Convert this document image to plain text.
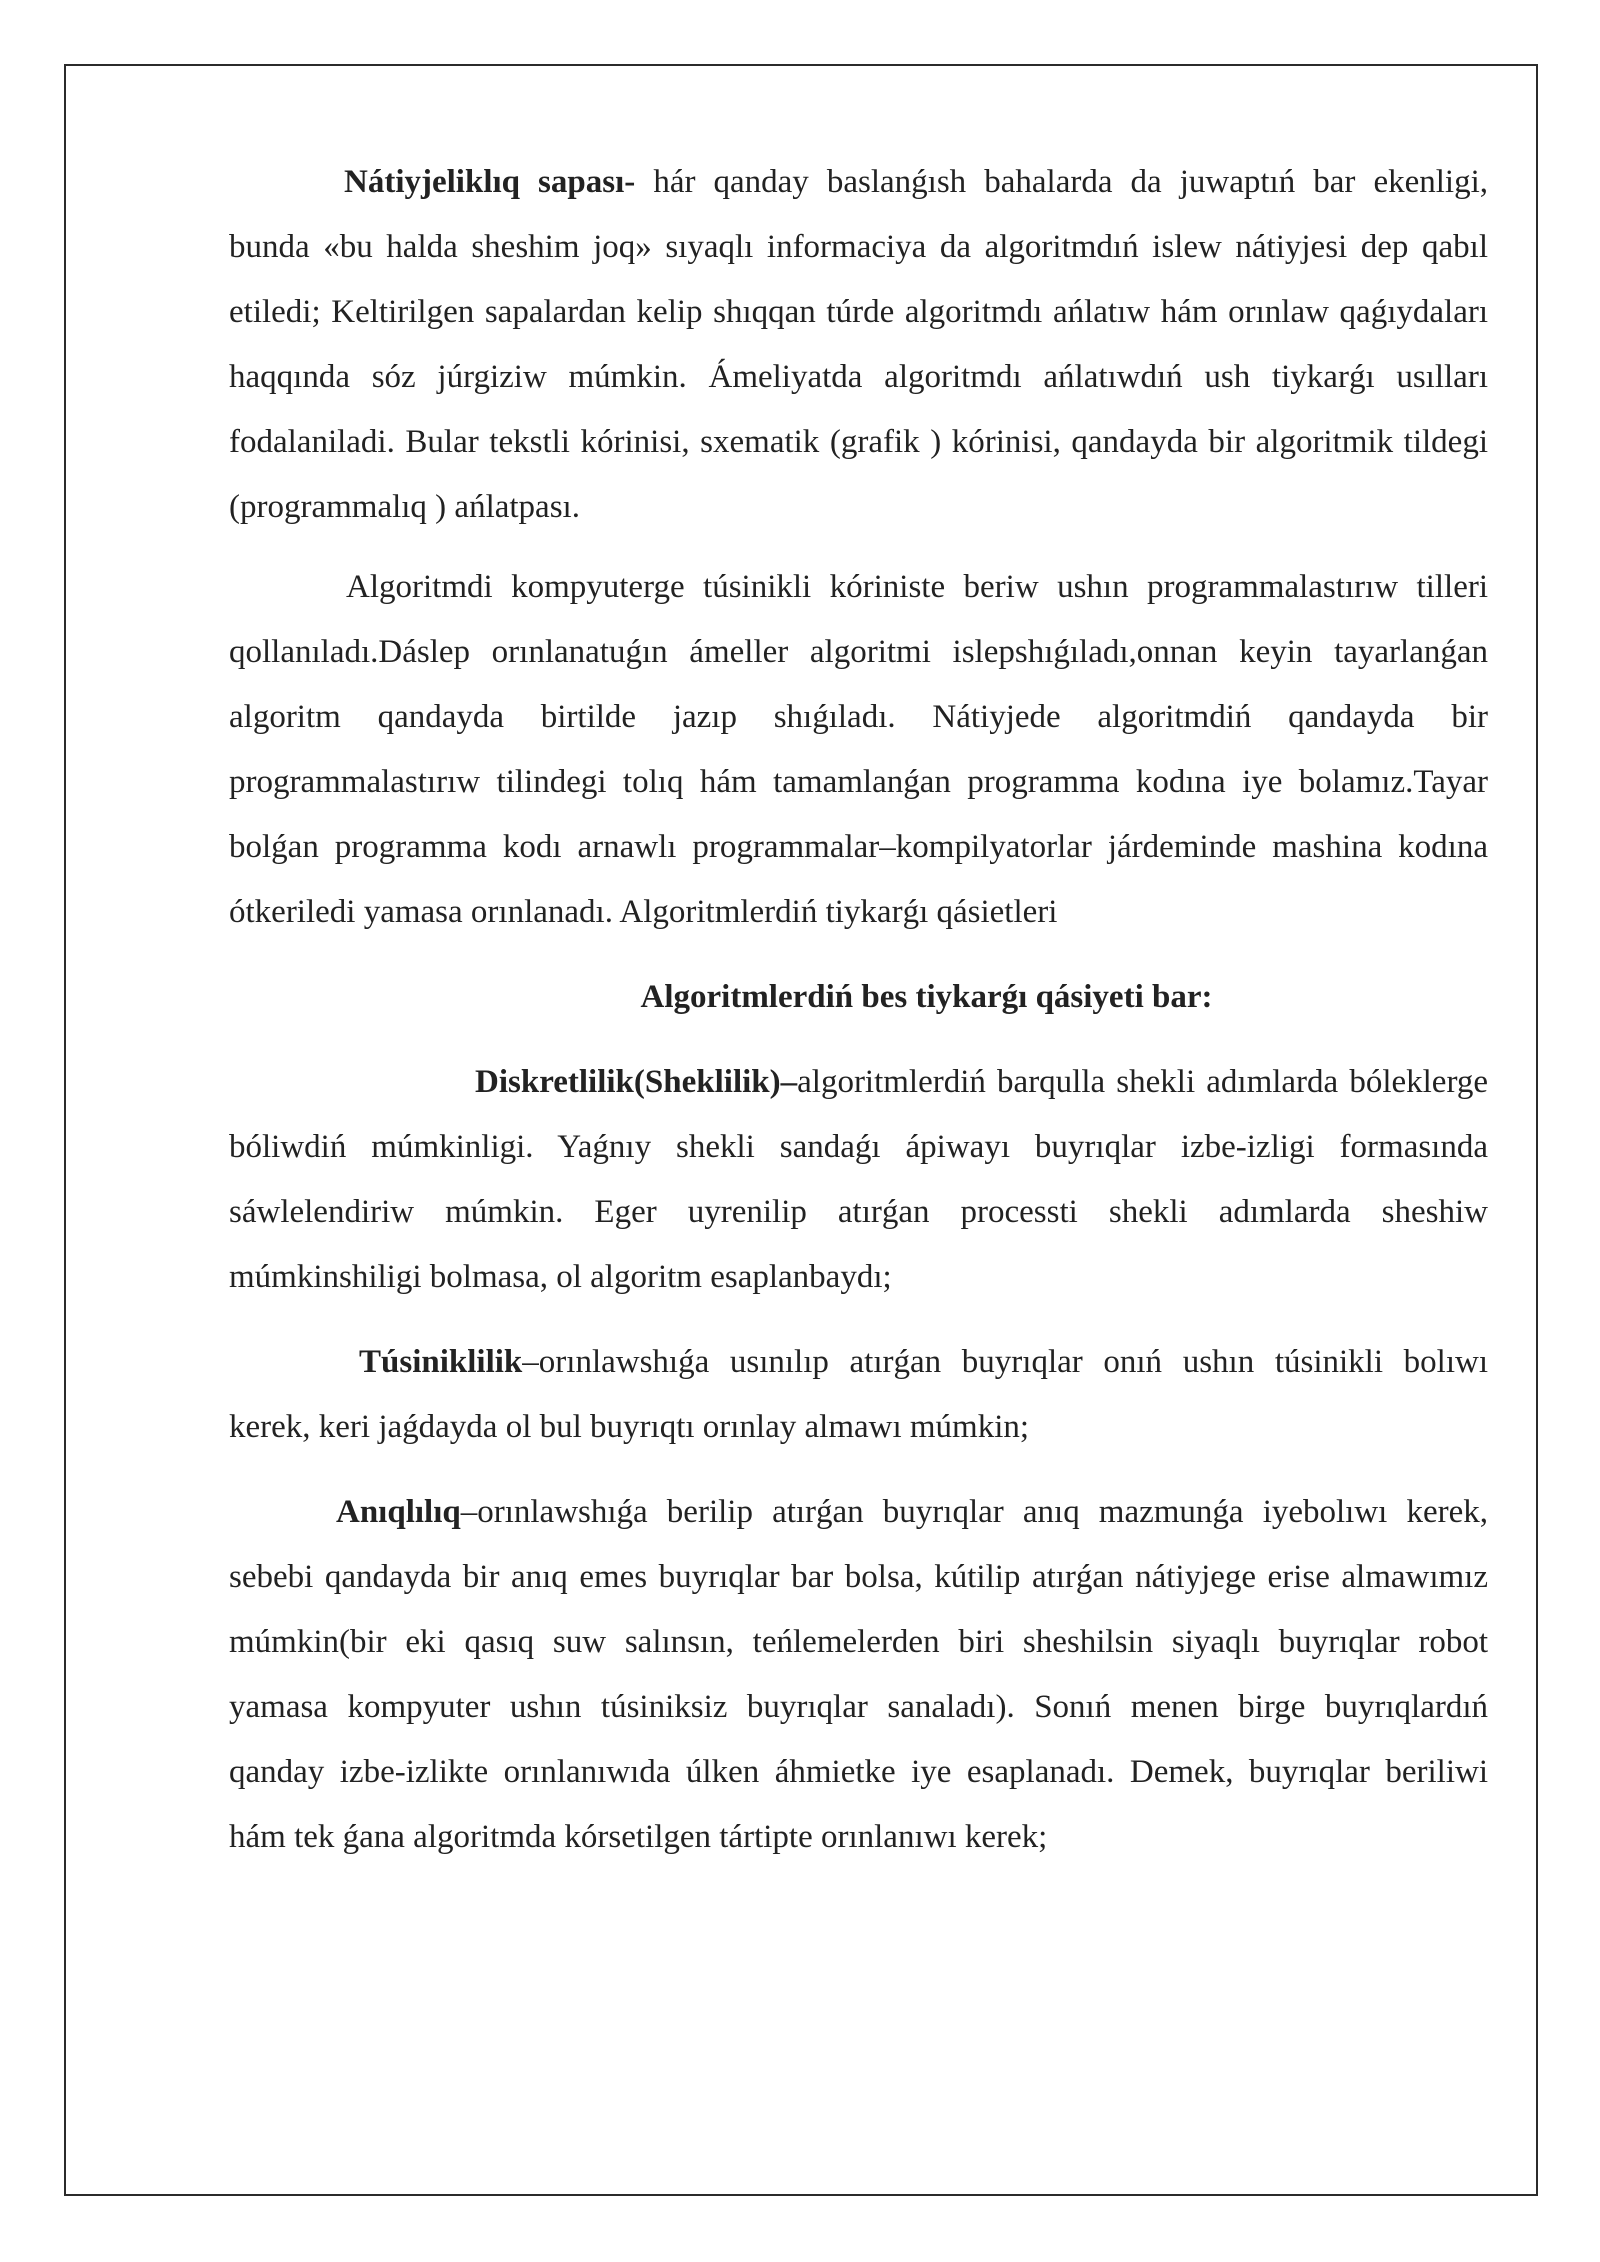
Nátiyjeliklıq sapası- hár qanday baslanǵısh bahalarda da juwaptıń bar ekenligi, bunda «bu halda sheshim joq» sıyaqlı informaciya da algoritmdıń islew nátiyjesi dep qabıl etiledi; Keltirilgen sapalardan kelip shıqqan túrde algoritmdı ańlatıw hám orınlaw qaǵıydaları haqqında sóz júrgiziw múmkin. Ámeliyatda algoritmdı ańlatıwdıń ush tiykarǵı usılları fodalaniladi. Bular tekstli kórinisi, sxematik (grafik ) kórinisi, qandayda bir algoritmik tildegi (programmalıq ) ańlatpası.

Algoritmdi kompyuterge túsinikli kóriniste beriw ushın programmalastırıw tilleri qollanıladı.Dáslep orınlanatuǵın ámeller algoritmi islepshıǵıladı,onnan keyin tayarlanǵan algoritm qandayda birtilde jazıp shıǵıladı. Nátiyjede algoritmdiń qandayda bir programmalastırıw tilindegi tolıq hám tamamlanǵan programma kodına iye bolamız.Tayar bolǵan programma kodı arnawlı programmalar–kompilyatorlar járdeminde mashina kodına ótkeriledi yamasa orınlanadı. Algoritmlerdiń tiykarǵı qásietleri

Algoritmlerdiń bes tiykarǵı qásiyeti bar:

Diskretlilik(Sheklilik)–algoritmlerdiń barqulla shekli adımlarda bóleklerge bóliwdiń múmkinligi. Yaǵnıy shekli sandaǵı ápiwayı buyrıqlar izbe-izligi formasında sáwlelendiriw múmkin. Eger uyrenilip atırǵan processti shekli adımlarda sheshiw múmkinshiligi bolmasa, ol algoritm esaplanbaydı;

Túsiniklilik–orınlawshıǵa usınılıp atırǵan buyrıqlar onıń ushın túsinikli bolıwı kerek, keri jaǵdayda ol bul buyrıqtı orınlay almawı múmkin;

Anıqlılıq–orınlawshıǵa berilip atırǵan buyrıqlar anıq mazmunǵa iyebolıwı kerek, sebebi qandayda bir anıq emes buyrıqlar bar bolsa, kútilip atırǵan nátiyjege erise almawımız múmkin(bir eki qasıq suw salınsın, teńlemelerden biri sheshilsin siyaqlı buyrıqlar robot yamasa kompyuter ushın túsiniksiz buyrıqlar sanaladı). Sonıń menen birge buyrıqlardıń qanday izbe-izlikte orınlanıwıda úlken áhmietke iye esaplanadı. Demek, buyrıqlar beriliwi hám tek ǵana algoritmda kórsetilgen tártipte orınlanıwı kerek;
